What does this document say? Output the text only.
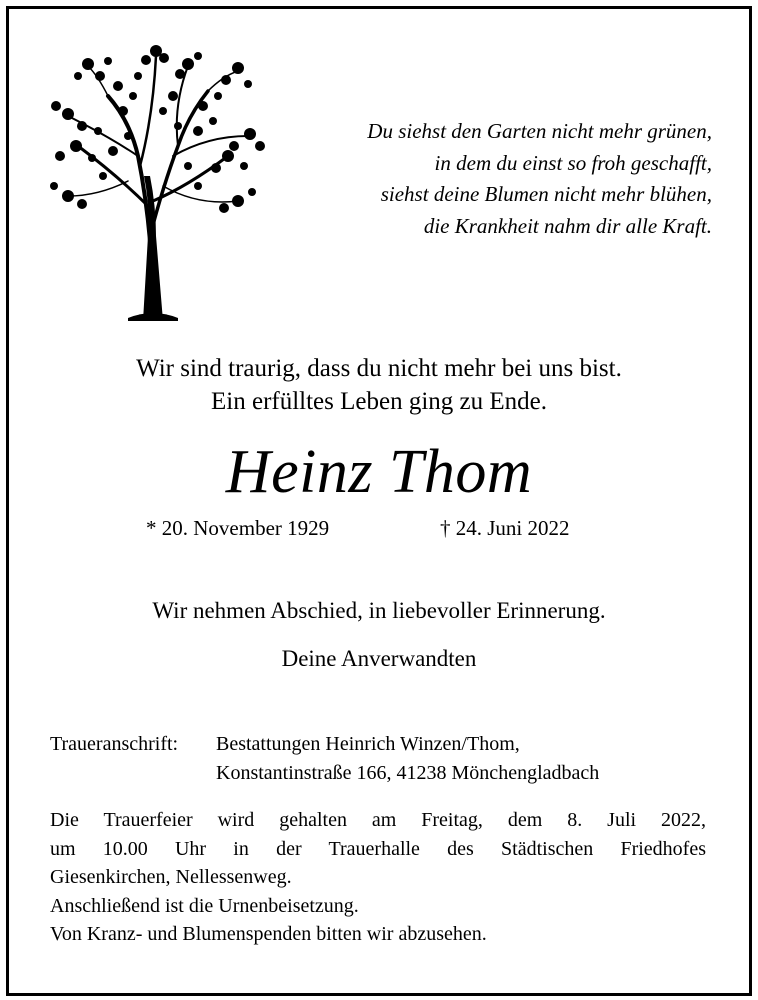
Du siehst den Garten nicht mehr grünen,
in dem du einst so froh geschafft,
siehst deine Blumen nicht mehr blühen,
die Krankheit nahm dir alle Kraft.
Wir sind traurig, dass du nicht mehr bei uns bist.
Ein erfülltes Leben ging zu Ende.
Heinz Thom
* 20. November 1929	† 24. Juni 2022
Wir nehmen Abschied, in liebevoller Erinnerung.
Deine Anverwandten
Traueranschrift: Bestattungen Heinrich Winzen/Thom,
Konstantinstraße 166, 41238 Mönchengladbach
Die Trauerfeier wird gehalten am Freitag, dem 8. Juli 2022,
um 10.00 Uhr in der Trauerhalle des Städtischen Friedhofes
Giesenkirchen, Nellessenweg.
Anschließend ist die Urnenbeisetzung.
Von Kranz- und Blumenspenden bitten wir abzusehen.
